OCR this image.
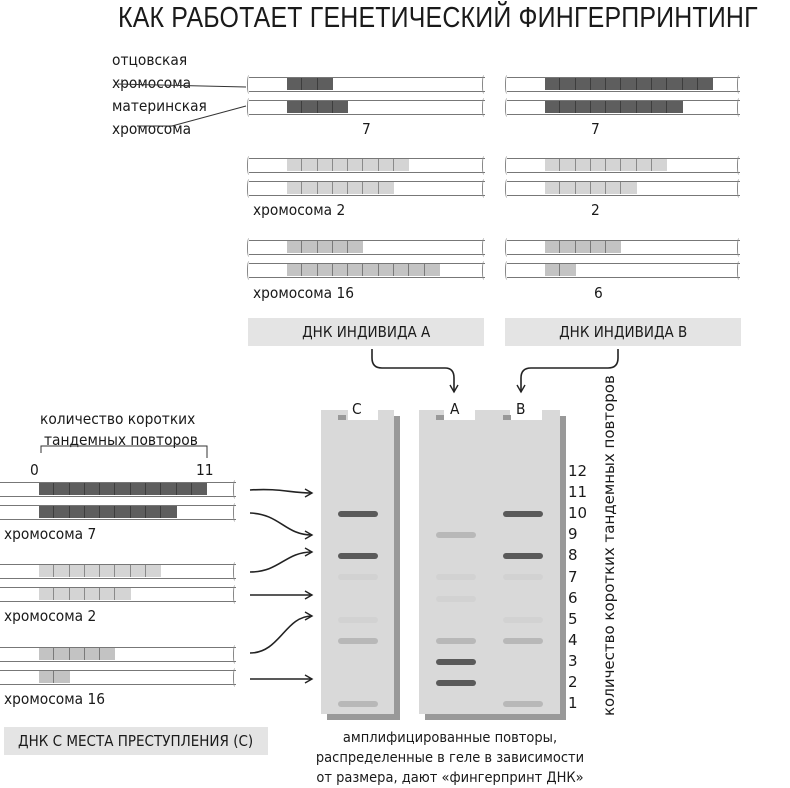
КАК РАБОТАЕТ ГЕНЕТИЧЕСКИЙ ФИНГЕРПРИНТИНГ
отцовская
хромосома
материнская
хромосома	7
хромосома 2
хромосома 16
7
2
6
ДНК ИНДИВИДА А	ДНК ИНДИВИДА В
ДНК С МЕСТА ПРЕСТУПЛЕНИЯ (С)
количество коротких
тандемных повторов
0	11
хромосома 7
хромосома 2
хромосома 16
C	A	B
12
11
10
9
8
7
6
5
4
3
2
1 количество коротких тандемных повторов
амплифицированные повторы,
распределенные в геле в зависимости
от размера, дают «фингерпринт ДНК»
